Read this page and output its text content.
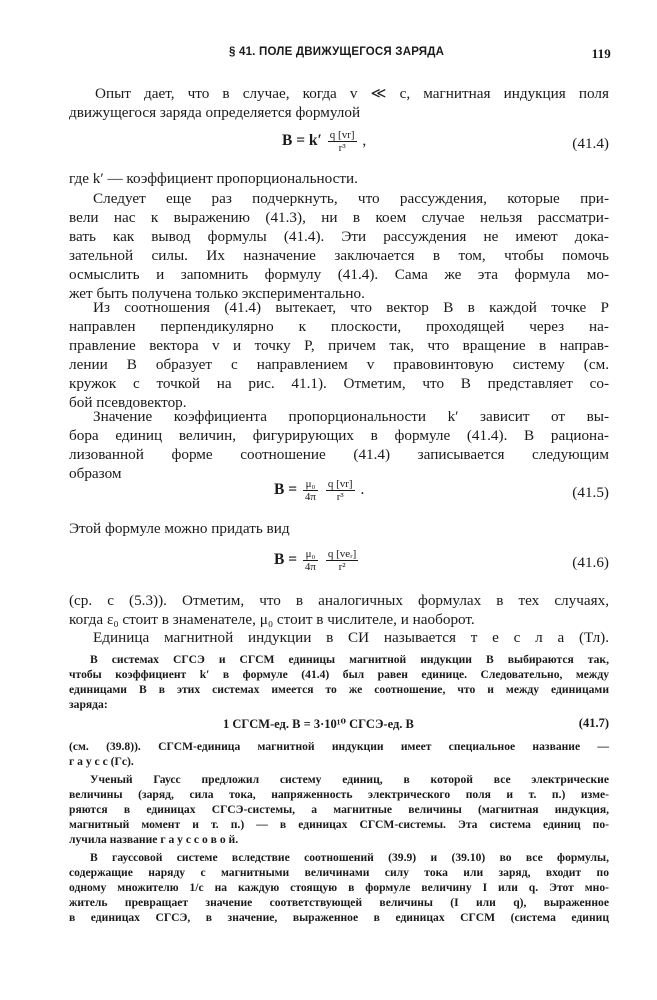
§ 41. ПОЛЕ ДВИЖУЩЕГОСЯ ЗАРЯДА	119
Опыт дает, что в случае, когда v ≪ c, магнитная индукция поля
движущегося заряда определяется формулой
$B = k' \frac{q [vr]}{\text{r³}}$ ,	(41.4)
где k′ — коэффициент пропорциональности.
Следует еще раз подчеркнуть, что рассуждения, которые при-
вели нас к выражению (41.3), ни в коем случае нельзя рассматри-
вать как вывод формулы (41.4). Эти рассуждения не имеют дока-
зательной силы. Их назначение заключается в том, чтобы помочь
осмыслить и запомнить формулу (41.4). Сама же эта формула мо-
жет быть получена только экспериментально.
Из соотношения (41.4) вытекает, что вектор B в каждой точке P
направлен перпендикулярно к плоскости, проходящей через на-
правление вектора v и точку P, причем так, что вращение в направ-
лении B образует с направлением v правовинтовую систему (см.
кружок с точкой на рис. 41.1). Отметим, что B представляет со-
бой псевдовектор.
Значение коэффициента пропорциональности k′ зависит от вы-
бора единиц величин, фигурирующих в формуле (41.4). В рациона-
лизованной форме соотношение (41.4) записывается следующим
образом
$B = \frac{\text{μ₀}}{4\pi}$
$\frac{q [vr]}{\text{r³}}$ .	(41.5)
Этой формуле можно придать вид
$B = \frac{\text{μ₀}}{4\pi}$
$\frac{\text{q [veᵣ]}}{\text{r²}}$	(41.6)
(ср. с (5.3)). Отметим, что в аналогичных формулах в тех случаях,
когда ε₀ стоит в знаменателе, μ₀ стоит в числителе, и наоборот.
Единица магнитной индукции в СИ называется т е с л а (Тл).
В системах СГСЭ и СГСМ единицы магнитной индукции B выбираются так,
чтобы коэффициент k′ в формуле (41.4) был равен единице. Следовательно, между
единицами B в этих системах имеется то же соотношение, что и между единицами
заряда:
1 СГСМ-ед. B = 3·10¹⁰ СГСЭ-ед. B	(41.7)
(см. (39.8)). СГСМ-единица магнитной индукции имеет специальное название —
г а у с с (Гс).
Ученый Гаусс предложил систему единиц, в которой все электрические
величины (заряд, сила тока, напряженность электрического поля и т. п.) изме-
ряются в единицах СГСЭ-системы, а магнитные величины (магнитная индукция,
магнитный момент и т. п.) — в единицах СГСМ-системы. Эта система единиц по-
лучила название г а у с с о в о й.
В гауссовой системе вследствие соотношений (39.9) и (39.10) во все формулы,
содержащие наряду с магнитными величинами силу тока или заряд, входит по
одному множителю 1/c на каждую стоящую в формуле величину I или q. Этот мно-
житель превращает значение соответствующей величины (I или q), выраженное
в единицах СГСЭ, в значение, выраженное в единицах СГСМ (система единиц
